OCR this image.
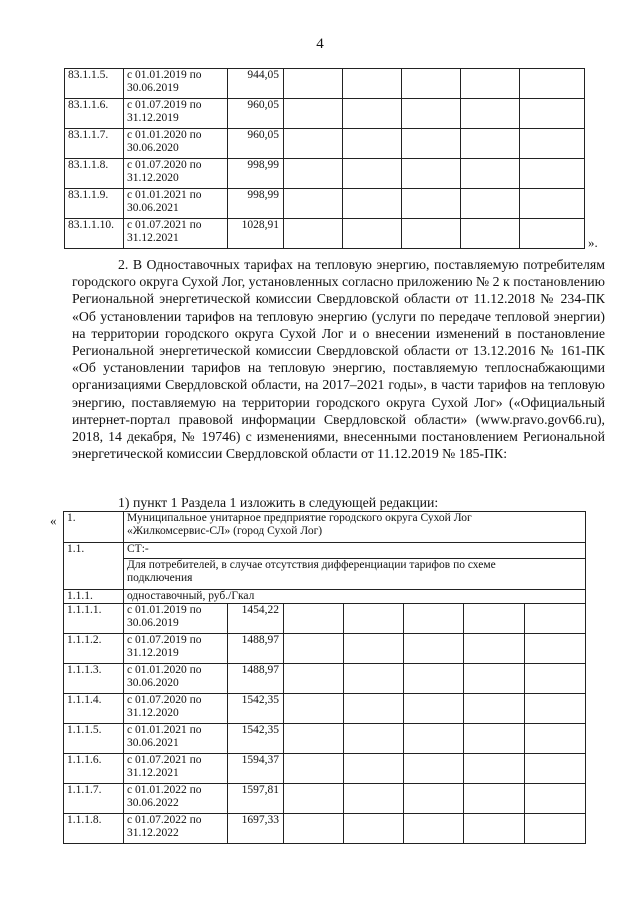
4
83.1.1.5.	с 01.01.2019 по
30.06.2019	944,05					
83.1.1.6.	с 01.07.2019 по
31.12.2019	960,05					
83.1.1.7.	с 01.01.2020 по
30.06.2020	960,05					
83.1.1.8.	с 01.07.2020 по
31.12.2020	998,99					
83.1.1.9.	с 01.01.2021 по
30.06.2021	998,99					
83.1.1.10.	с 01.07.2021 по
31.12.2021	1028,91					
».

2. В Одноставочных тарифах на тепловую энергию, поставляемую потребителям городского округа Сухой Лог, установленных согласно приложению № 2 к постановлению Региональной энергетической комиссии Свердловской области от 11.12.2018 № 234-ПК «Об установлении тарифов на тепловую энергию (услуги по передаче тепловой энергии) на территории городского округа Сухой Лог и о внесении изменений в постановление Региональной энергетической комиссии Свердловской области от 13.12.2016 № 161-ПК «Об установлении тарифов на тепловую энергию, поставляемую теплоснабжающими организациями Свердловской области, на 2017–2021 годы», в части тарифов на тепловую энергию, поставляемую на территории городского округа Сухой Лог» («Официальный интернет-портал правовой информации Свердловской области» (www.pravo.gov66.ru), 2018, 14 декабря, № 19746) с изменениями, внесенными постановлением Региональной энергетической комиссии Свердловской области от 11.12.2019 № 185-ПК:

1) пункт 1 Раздела 1 изложить в следующей редакции:

« 1.	Муниципальное унитарное предприятие городского округа Сухой Лог
«Жилкомсервис-СЛ» (город Сухой Лог)						

1.1.	СТ:-						

	Для потребителей, в случае отсутствия дифференциации тарифов по схеме
подключения						

1.1.1.	одноставочный, руб./Гкал						
1.1.1.1.	с 01.01.2019 по
30.06.2019	1454,22					
1.1.1.2.	с 01.07.2019 по
31.12.2019	1488,97					
1.1.1.3.	с 01.01.2020 по
30.06.2020	1488,97					
1.1.1.4.	с 01.07.2020 по
31.12.2020	1542,35					
1.1.1.5.	с 01.01.2021 по
30.06.2021	1542,35					
1.1.1.6.	с 01.07.2021 по
31.12.2021	1594,37					
1.1.1.7.	с 01.01.2022 по
30.06.2022	1597,81					
1.1.1.8.	с 01.07.2022 по
31.12.2022	1697,33					
